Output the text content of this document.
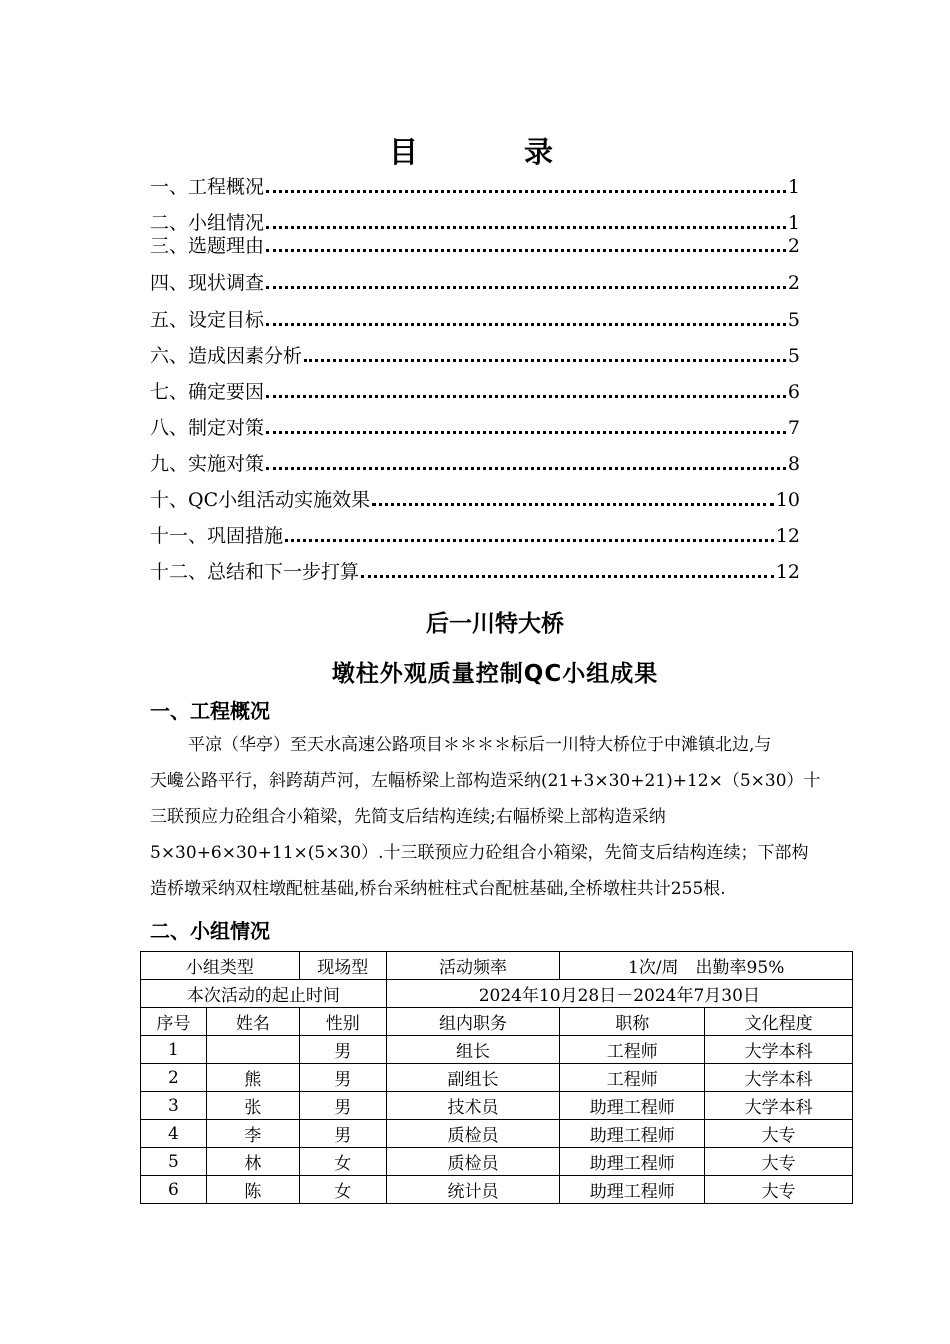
目 录
一、工程概况	1
二、小组情况	1
三、选题理由	2
四、现状调查	2
五、设定目标	5
六、造成因素分析	5
七、确定要因	6
八、制定对策	7
九、实施对策	8
十、QC小组活动实施效果	10
十一、巩固措施	12
十二、总结和下一步打算	12
后一川特大桥
墩柱外观质量控制QC小组成果
一、工程概况
平凉（华亭）至天水高速公路项目＊＊＊＊标后一川特大桥位于中滩镇北边,与
天巉公路平行，斜跨葫芦河，左幅桥梁上部构造采纳(21+3×30+21)+12×（5×30）十
三联预应力砼组合小箱梁，先简支后结构连续;右幅桥梁上部构造采纳
5×30+6×30+11×(5×30）.十三联预应力砼组合小箱梁，先简支后结构连续；下部构
造桥墩采纳双柱墩配桩基础,桥台采纳桩柱式台配桩基础,全桥墩柱共计255根.
二、小组情况
小组类型		现场型	活动频率	1次/周　出勤率95%	
本次活动的起止时间			2024年10月28日－2024年7月30日		
序号	姓名	性别	组内职务	职称	文化程度
1		男	组长	工程师	大学本科
2	熊	男	副组长	工程师	大学本科
3	张	男	技术员	助理工程师	大学本科
4	李	男	质检员	助理工程师	大专
5	林	女	质检员	助理工程师	大专
6	陈	女	统计员	助理工程师	大专
